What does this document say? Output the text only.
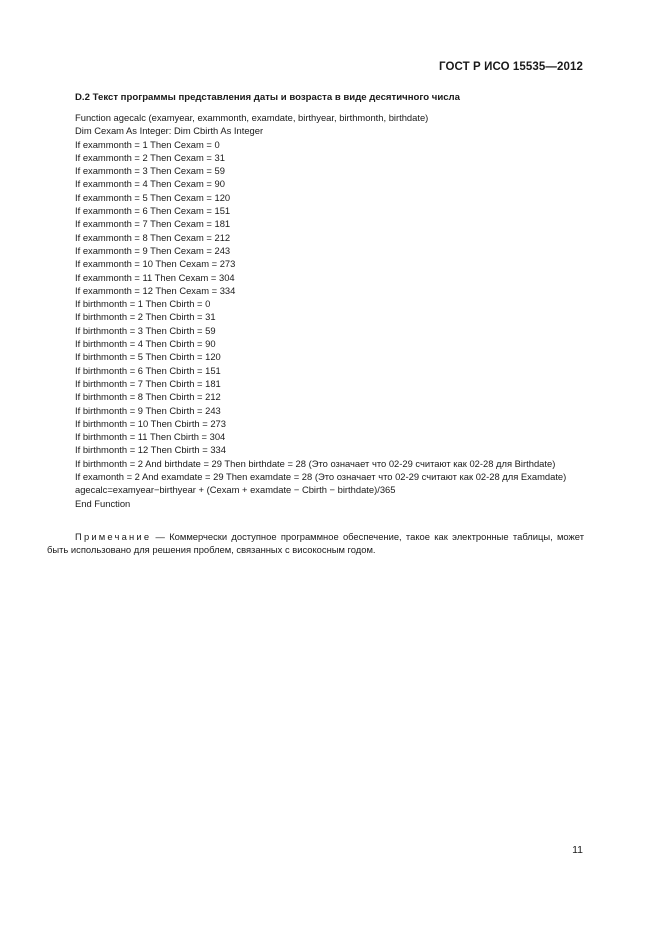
ГОСТ Р ИСО 15535—2012
D.2 Текст программы представления даты и возраста в виде десятичного числа
Function agecalc (examyear, exammonth, examdate, birthyear, birthmonth, birthdate)
Dim Cexam As Integer: Dim Cbirth As Integer
If exammonth = 1 Then Cexam = 0
If exammonth = 2 Then Cexam = 31
If exammonth = 3 Then Cexam = 59
If exammonth = 4 Then Cexam = 90
If exammonth = 5 Then Cexam = 120
If exammonth = 6 Then Cexam = 151
If exammonth = 7 Then Cexam = 181
If exammonth = 8 Then Cexam = 212
If exammonth = 9 Then Cexam = 243
If exammonth = 10 Then Cexam = 273
If exammonth = 11 Then Cexam = 304
If exammonth = 12 Then Cexam = 334
If birthmonth = 1 Then Cbirth = 0
If birthmonth = 2 Then Cbirth = 31
If birthmonth = 3 Then Cbirth = 59
If birthmonth = 4 Then Cbirth = 90
If birthmonth = 5 Then Cbirth = 120
If birthmonth = 6 Then Cbirth = 151
If birthmonth = 7 Then Cbirth = 181
If birthmonth = 8 Then Cbirth = 212
If birthmonth = 9 Then Cbirth = 243
If birthmonth = 10 Then Cbirth = 273
If birthmonth = 11 Then Cbirth = 304
If birthmonth = 12 Then Cbirth = 334
If birthmonth = 2 And birthdate = 29 Then birthdate = 28 (Это означает что 02-29 считают как 02-28 для Birthdate)
If examonth = 2 And examdate = 29 Then examdate = 28 (Это означает что 02-29 считают как 02-28 для Examdate)
agecalc=examyear−birthyear + (Cexam + examdate − Cbirth − birthdate)/365
End Function
Примечание — Коммерчески доступное программное обеспечение, такое как электронные таблицы, может быть использовано для решения проблем, связанных с високосным годом.
11
